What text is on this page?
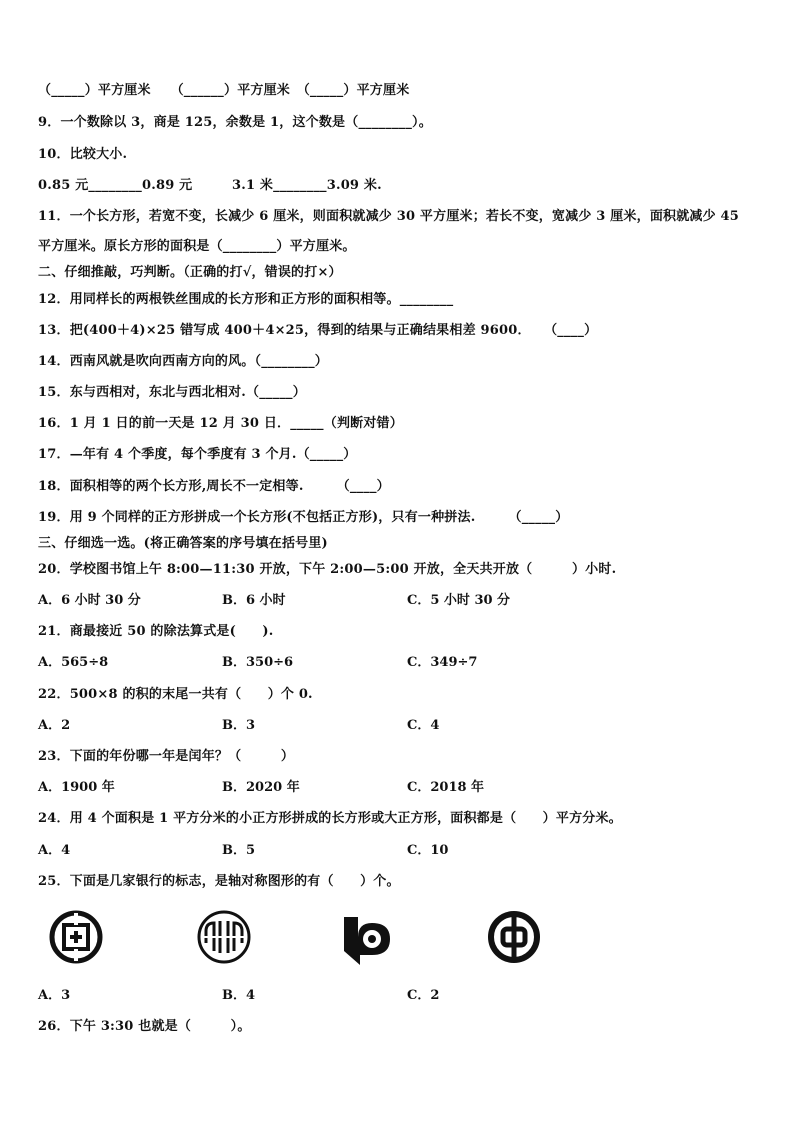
（_____）平方厘米　　（______）平方厘米　（_____）平方厘米
9．一个数除以 3，商是 125，余数是 1，这个数是（________）。
10．比较大小.
0.85 元________0.89 元　　　3.1 米________3.09 米.
11．一个长方形，若宽不变，长减少 6 厘米，则面积就减少 30 平方厘米；若长不变，宽减少 3 厘米，面积就减少 45
平方厘米。原长方形的面积是（________）平方厘米。
二、仔细推敲，巧判断。（正确的打√，错误的打×）
12．用同样长的两根铁丝围成的长方形和正方形的面积相等。________
13．把(400＋4)×25 错写成 400＋4×25，得到的结果与正确结果相差 9600．　　（____）
14．西南风就是吹向西南方向的风。（________）
15．东与西相对，东北与西北相对.（_____）
16．1 月 1 日的前一天是 12 月 30 日．_____（判断对错）
17．—年有 4 个季度，每个季度有 3 个月.（_____）
18．面积相等的两个长方形,周长不一定相等.　　　（____）
19．用 9 个同样的正方形拼成一个长方形(不包括正方形)，只有一种拼法.　　　（_____）
三、仔细选一选。(将正确答案的序号填在括号里)
20．学校图书馆上午 8:00—11:30 开放，下午 2:00—5:00 开放，全天共开放（　　　）小时.
A．6 小时 30 分	B．6 小时	C．5 小时 30 分
21．商最接近 50 的除法算式是(　　).
A．565÷8	B．350÷6	C．349÷7
22．500×8 的积的末尾一共有（　　）个 0.
A．2	B．3	C．4
23．下面的年份哪一年是闰年？（　　　）
A．1900 年	B．2020 年	C．2018 年
24．用 4 个面积是 1 平方分米的小正方形拼成的长方形或大正方形，面积都是（　　）平方分米。
A．4	B．5	C．10
25．下面是几家银行的标志，是轴对称图形的有（　　）个。
A．3	B．4	C．2
26．下午 3:30 也就是（　　　）。
